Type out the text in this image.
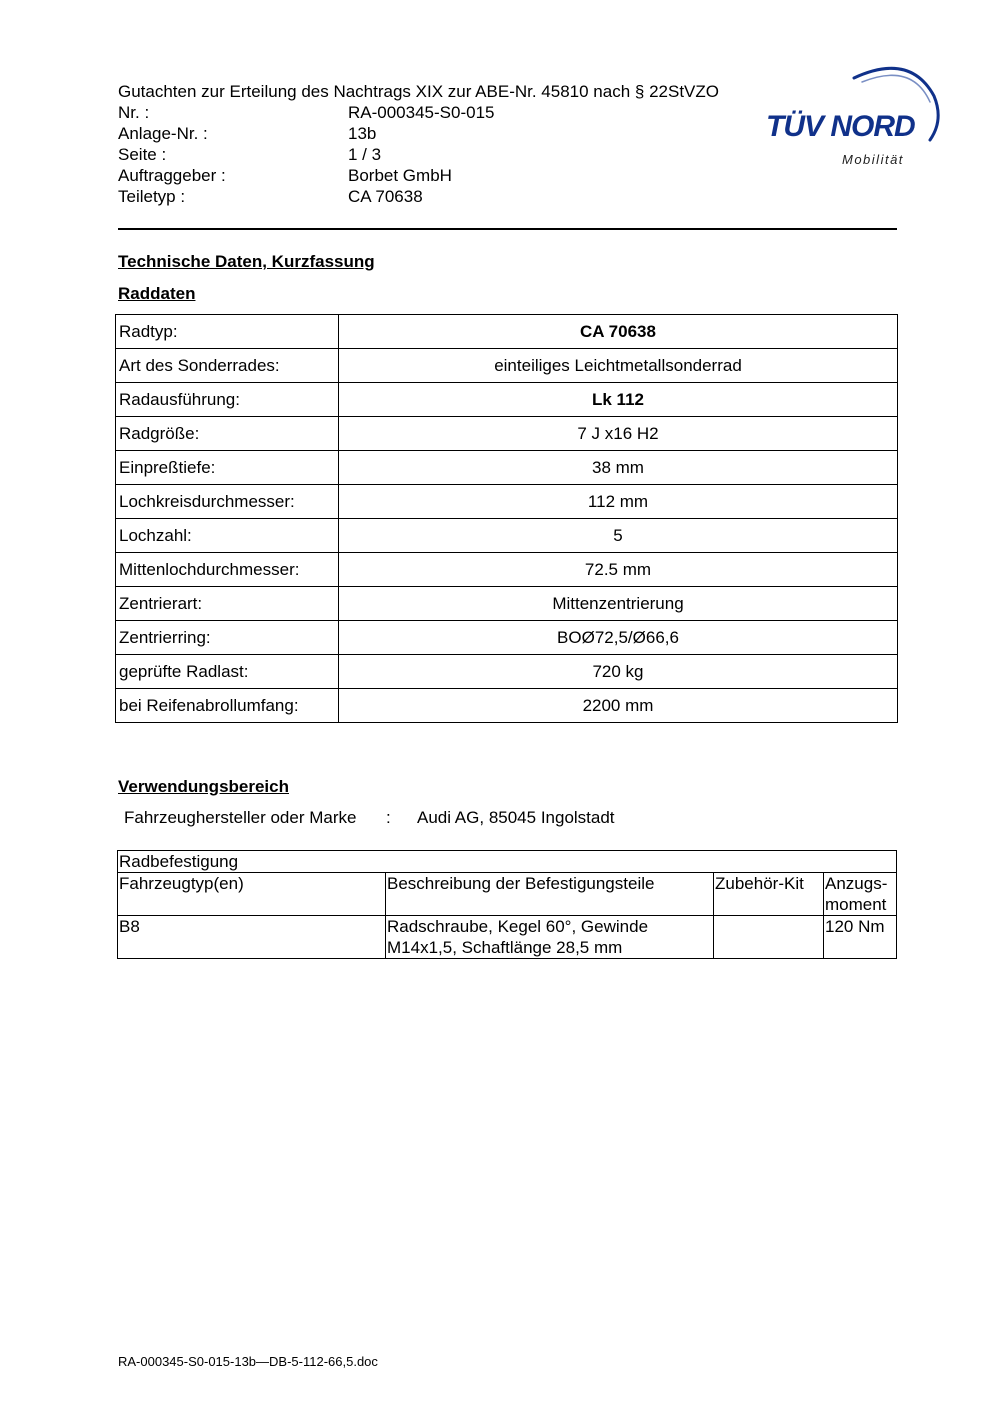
Gutachten zur Erteilung des Nachtrags XIX zur ABE-Nr. 45810 nach § 22StVZO
Nr. :	RA-000345-S0-015
Anlage-Nr. :	13b
Seite :	1 / 3
Auftraggeber :	Borbet GmbH
Teiletyp :	CA 70638
TÜV NORD
Mobilität
Technische Daten, Kurzfassung
Raddaten
Radtyp:	CA 70638
Art des Sonderrades:	einteiliges Leichtmetallsonderrad
Radausführung:	Lk 112
Radgröße:	7 J x16 H2
Einpreßtiefe:	38 mm
Lochkreisdurchmesser:	112 mm
Lochzahl:	5
Mittenlochdurchmesser:	72.5 mm
Zentrierart:	Mittenzentrierung
Zentrierring:	BOØ72,5/Ø66,6
geprüfte Radlast:	720 kg
bei Reifenabrollumfang:	2200 mm
Verwendungsbereich
Fahrzeughersteller oder Marke	:	Audi AG, 85045 Ingolstadt
Radbefestigung			
Fahrzeugtyp(en)	Beschreibung der Befestigungsteile	Zubehör-Kit	Anzugs-
moment
B8	Radschraube, Kegel 60°, Gewinde
M14x1,5, Schaftlänge 28,5 mm		120 Nm
RA-000345-S0-015-13b—DB-5-112-66,5.doc
